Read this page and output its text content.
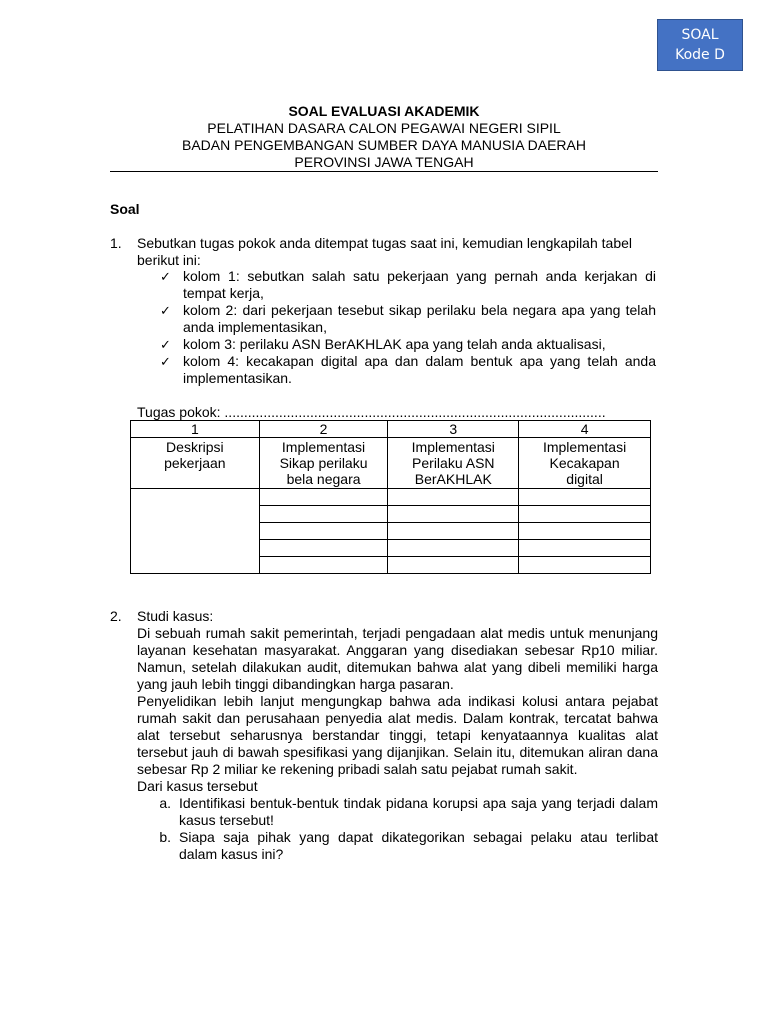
SOAL
Kode D
SOAL EVALUASI AKADEMIK
PELATIHAN DASARA CALON PEGAWAI NEGERI SIPIL
BADAN PENGEMBANGAN SUMBER DAYA MANUSIA DAERAH
PEROVINSI JAWA TENGAH
Soal
1. Sebutkan tugas pokok anda ditempat tugas saat ini, kemudian lengkapilah tabel berikut ini:
✓ kolom 1: sebutkan salah satu pekerjaan yang pernah anda kerjakan di tempat kerja,
✓ kolom 2: dari pekerjaan tesebut sikap perilaku bela negara apa yang telah anda implementasikan,
✓ kolom 3: perilaku ASN BerAKHLAK apa yang telah anda aktualisasi,
✓ kolom 4: kecakapan digital apa dan dalam bentuk apa yang telah anda implementasikan.
Tugas pokok: ..................................................................................................
1	2	3	4
Deskripsi pekerjaan	Implementasi Sikap perilaku bela negara	Implementasi Perilaku ASN BerAKHLAK	Implementasi Kecakapan digital

2. Studi kasus:

Di sebuah rumah sakit pemerintah, terjadi pengadaan alat medis untuk menunjang layanan kesehatan masyarakat. Anggaran yang disediakan sebesar Rp10 miliar. Namun, setelah dilakukan audit, ditemukan bahwa alat yang dibeli memiliki harga yang jauh lebih tinggi dibandingkan harga pasaran.

Penyelidikan lebih lanjut mengungkap bahwa ada indikasi kolusi antara pejabat rumah sakit dan perusahaan penyedia alat medis. Dalam kontrak, tercatat bahwa alat tersebut seharusnya berstandar tinggi, tetapi kenyataannya kualitas alat tersebut jauh di bawah spesifikasi yang dijanjikan. Selain itu, ditemukan aliran dana sebesar Rp 2 miliar ke rekening pribadi salah satu pejabat rumah sakit.

Dari kasus tersebut

a. Identifikasi bentuk-bentuk tindak pidana korupsi apa saja yang terjadi dalam kasus tersebut!
b. Siapa saja pihak yang dapat dikategorikan sebagai pelaku atau terlibat dalam kasus ini?
